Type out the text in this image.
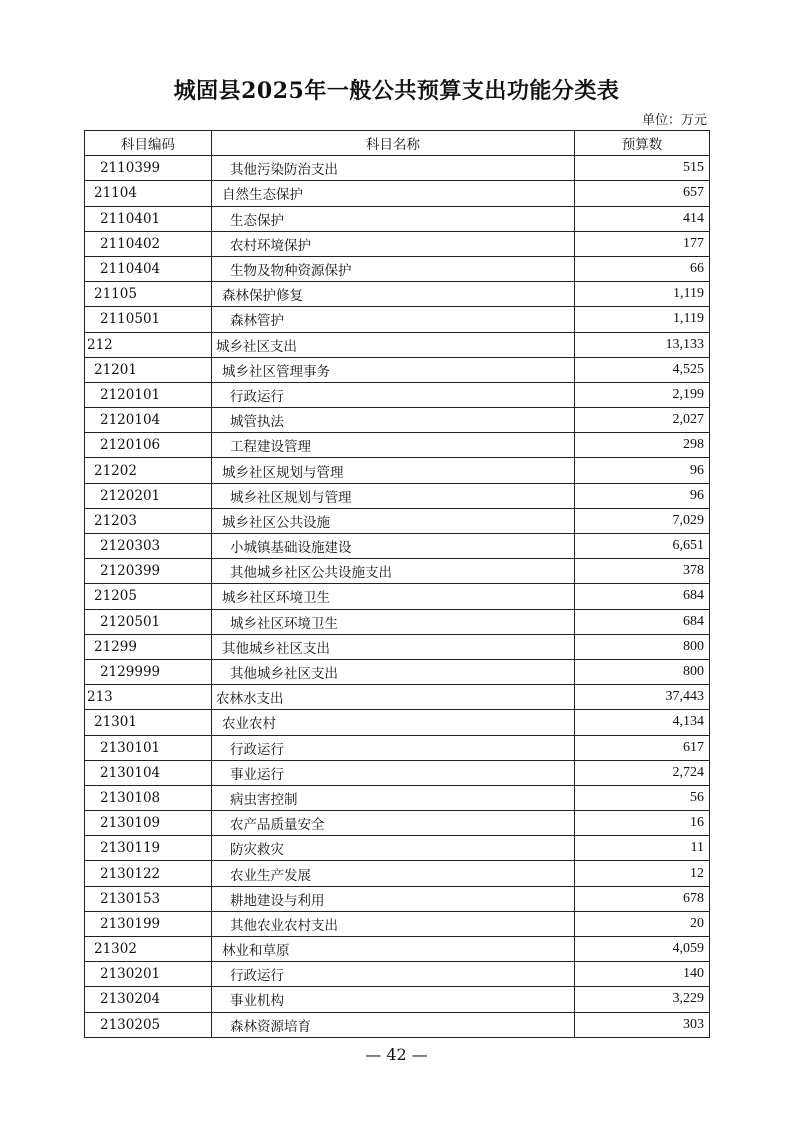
城固县2025年一般公共预算支出功能分类表
单位：万元
科目编码	科目名称	预算数
2110399	其他污染防治支出	515
21104	自然生态保护	657
2110401	生态保护	414
2110402	农村环境保护	177
2110404	生物及物种资源保护	66
21105	森林保护修复	1,119
2110501	森林管护	1,119
212	城乡社区支出	13,133
21201	城乡社区管理事务	4,525
2120101	行政运行	2,199
2120104	城管执法	2,027
2120106	工程建设管理	298
21202	城乡社区规划与管理	96
2120201	城乡社区规划与管理	96
21203	城乡社区公共设施	7,029
2120303	小城镇基础设施建设	6,651
2120399	其他城乡社区公共设施支出	378
21205	城乡社区环境卫生	684
2120501	城乡社区环境卫生	684
21299	其他城乡社区支出	800
2129999	其他城乡社区支出	800
213	农林水支出	37,443
21301	农业农村	4,134
2130101	行政运行	617
2130104	事业运行	2,724
2130108	病虫害控制	56
2130109	农产品质量安全	16
2130119	防灾救灾	11
2130122	农业生产发展	12
2130153	耕地建设与利用	678
2130199	其他农业农村支出	20
21302	林业和草原	4,059
2130201	行政运行	140
2130204	事业机构	3,229
2130205	森林资源培育	303
— 42 —
